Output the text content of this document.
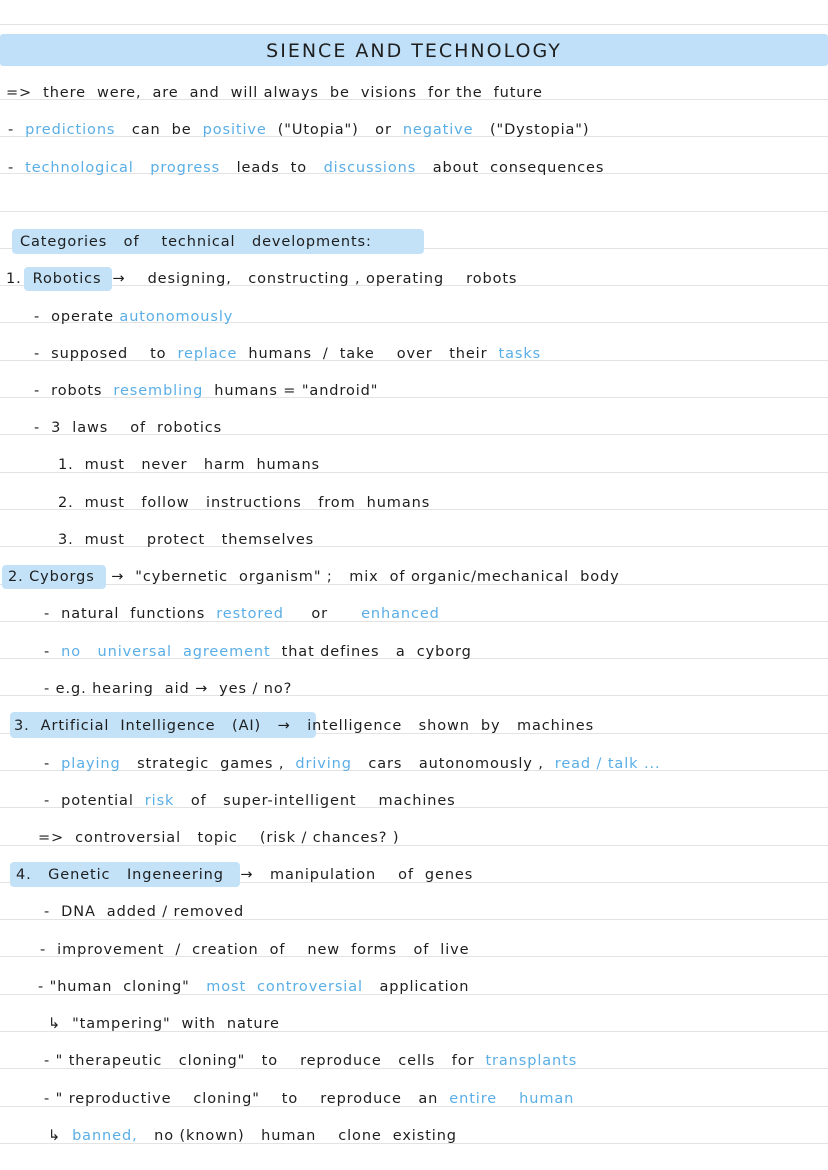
SIENCE AND TECHNOLOGY
=>  there  were,  are  and  will always  be  visions  for the  future
-  predictions   can  be  positive  ("Utopia")   or  negative   ("Dystopia")
-  technological progress   leads  to   discussions   about  consequences
Categories   of    technical   developments:
1.  Robotics  →    designing,   constructing , operating    robots
-  operate autonomously
-  supposed    to  replace  humans  /  take    over   their  tasks
-  robots  resembling  humans = "android"
-  3  laws    of  robotics
1.  must   never   harm  humans
2.  must   follow   instructions   from  humans
3.  must    protect   themselves
2. Cyborgs   →  "cybernetic  organism" ;   mix  of organic/mechanical  body
-  natural  functions  restored     or      enhanced
-  no   universal  agreement  that defines   a  cyborg
- e.g. hearing  aid →  yes / no?
3.  Artificial  Intelligence   (AI)   →   intelligence   shown  by   machines
-  playing   strategic  games ,  driving   cars   autonomously ,  read / talk ...
-  potential  risk   of   super-intelligent    machines
=>  controversial   topic    (risk / chances? )
4.   Genetic   Ingeneering   →   manipulation    of  genes
-  DNA  added / removed
-  improvement  /  creation  of    new  forms   of  live
- "human  cloning"   most  controversial   application
↳  "tampering"  with  nature
- " therapeutic   cloning"   to    reproduce   cells   for  transplants
- " reproductive    cloning"    to    reproduce   an  entire human
↳  banned,   no (known)   human    clone  existing
